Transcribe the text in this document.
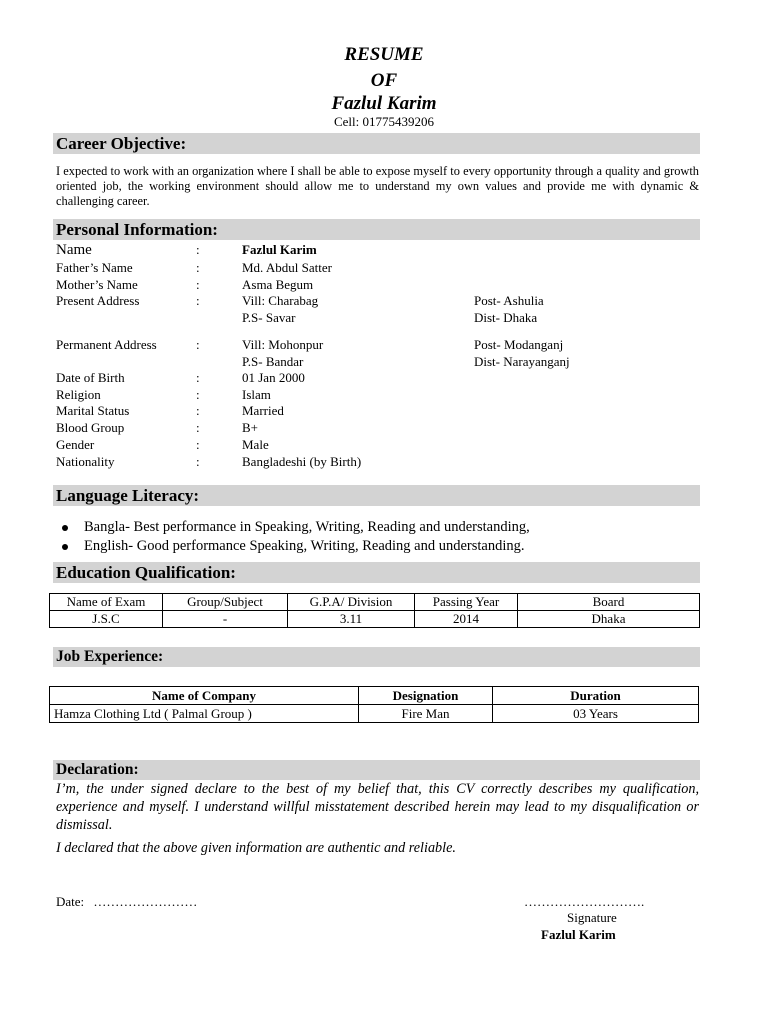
RESUME
OF
Fazlul Karim
Cell: 01775439206
Career Objective:
I expected to work with an organization where I shall be able to expose myself to every opportunity through a quality and growth oriented job, the working environment should allow me to understand my own values and provide me with dynamic & challenging career.
Personal Information:
Name	:	Fazlul Karim
Father’s Name	:	Md. Abdul Satter
Mother’s Name	:	Asma Begum
Present Address	:	Vill: Charabag	Post- Ashulia
P.S- Savar	Dist- Dhaka
Permanent Address	:	Vill: Mohonpur	Post- Modanganj
P.S- Bandar	Dist- Narayanganj
Date of Birth	:	01 Jan 2000
Religion	:	Islam
Marital Status	:	Married
Blood Group	:	B+
Gender	:	Male
Nationality	:	Bangladeshi (by Birth)
Language Literacy:
Bangla- Best performance in Speaking, Writing, Reading and understanding,
English- Good performance Speaking, Writing, Reading and understanding.
Education Qualification:
Name of Exam	Group/Subject	G.P.A/ Division	Passing Year	Board
J.S.C	-	3.11	2014	Dhaka
Job Experience:
Name of Company	Designation	Duration
Hamza Clothing Ltd ( Palmal Group )	Fire Man	03 Years
Declaration:
I’m, the under signed declare to the best of my belief that, this CV correctly describes my qualification, experience and myself. I understand willful misstatement described herein may lead to my disqualification or dismissal.
I declared that the above given information are authentic and reliable.
Date: ……………………	……………………….
Signature
Fazlul Karim
